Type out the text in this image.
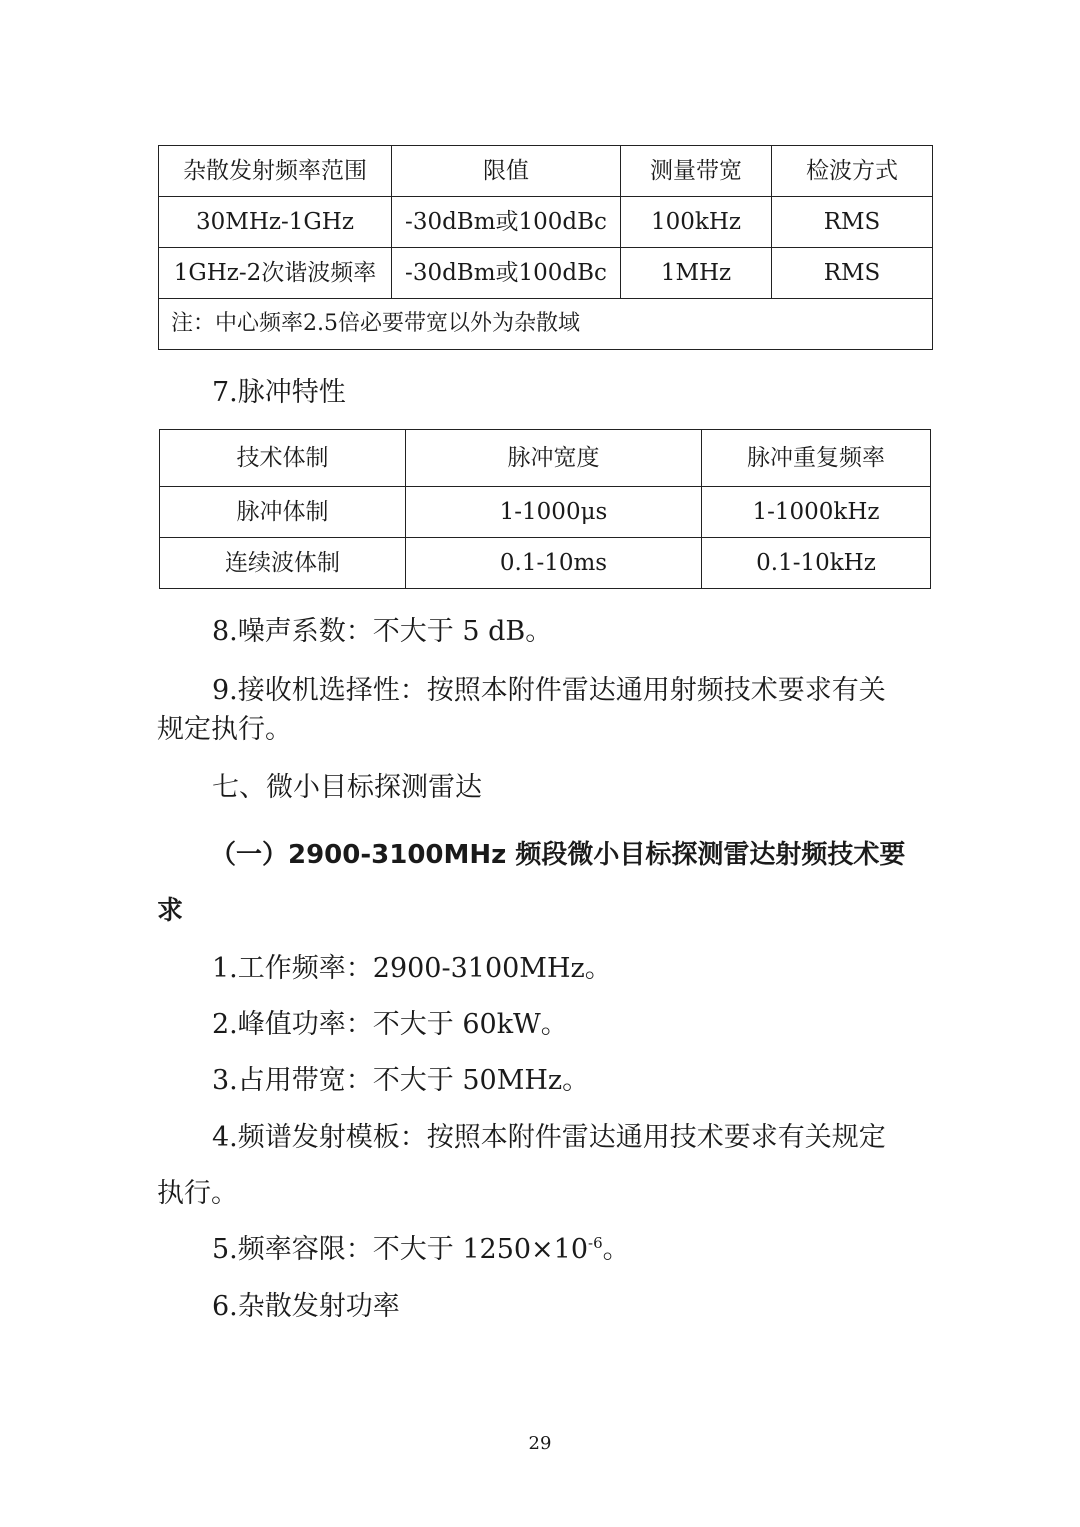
杂散发射频率范围	限值	测量带宽	检波方式
30MHz-1GHz	-30dBm或100dBc	100kHz	RMS
1GHz-2次谐波频率	-30dBm或100dBc	1MHz	RMS
注：中心频率2.5倍必要带宽以外为杂散域			

7.脉冲特性

技术体制	脉冲宽度	脉冲重复频率
脉冲体制	1-1000μs	1-1000kHz
连续波体制	0.1-10ms	0.1-10kHz

8.噪声系数：不大于 5 dB。

9.接收机选择性：按照本附件雷达通用射频技术要求有关

规定执行。

七、微小目标探测雷达

（一）2900-3100MHz 频段微小目标探测雷达射频技术要

求

1.工作频率：2900-3100MHz。

2.峰值功率：不大于 60kW。

3.占用带宽：不大于 50MHz。

4.频谱发射模板：按照本附件雷达通用技术要求有关规定

执行。

5.频率容限：不大于 $1250\times 10^{-6}$。

6.杂散发射功率

29
